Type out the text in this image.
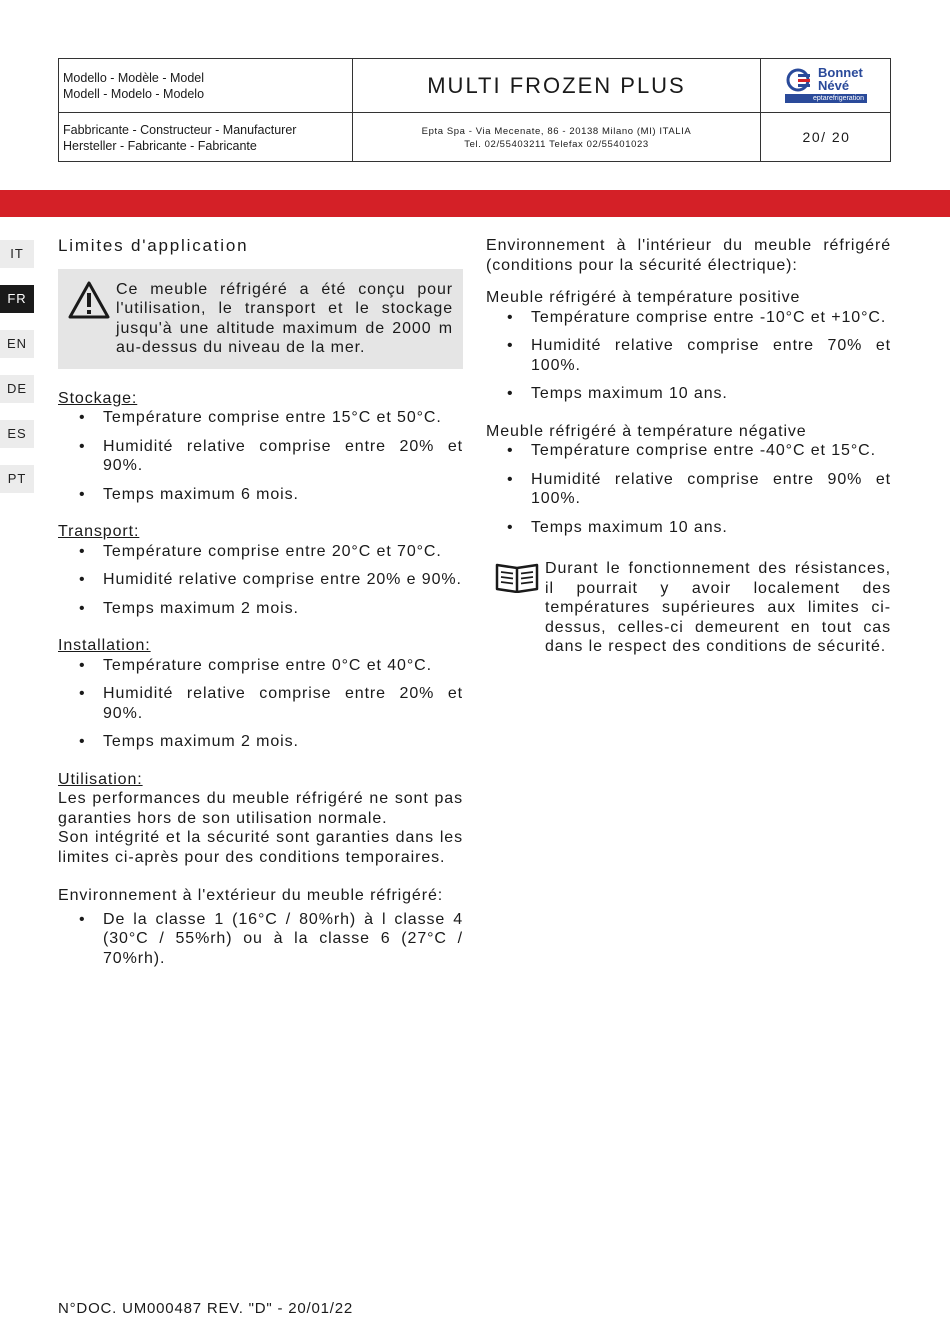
Modello - Modèle - Model
Modell - Modelo - Modelo	MULTI FROZEN PLUS
Bonnet
Névé
eptarefrigeration
Fabbricante - Constructeur - Manufacturer
Hersteller - Fabricante - Fabricante
Epta Spa - Via Mecenate, 86 - 20138 Milano (MI) ITALIA
Tel. 02/55403211 Telefax 02/55401023	20/ 20
IT
FR
EN
DE
ES
PT

Limites d'application

Ce meuble réfrigéré a été conçu pour l'utilisation, le transport et le stockage jusqu'à une altitude maximum de 2000 m au-dessus du niveau de la mer.

Stockage:

• Température comprise entre 15°C et 50°C.
• Humidité relative comprise entre 20% et 90%.
• Temps maximum 6 mois.

Transport:

• Température comprise entre 20°C et 70°C.
• Humidité relative comprise entre 20% e 90%.
• Temps maximum 2 mois.

Installation:

• Température comprise entre 0°C et 40°C.
• Humidité relative comprise entre 20% et 90%.
• Temps maximum 2 mois.

Utilisation:

Les performances du meuble réfrigéré ne sont pas garanties hors de son utilisation normale.

Son intégrité et la sécurité sont garanties dans les limites ci-après pour des conditions temporaires.

Environnement à l'extérieur du meuble réfrigéré:

• De la classe 1 (16°C / 80%rh) à l classe 4 (30°C / 55%rh) ou à la classe 6 (27°C / 70%rh).

Environnement à l'intérieur du meuble réfrigéré (conditions pour la sécurité électrique):

Meuble réfrigéré à température positive

• Température comprise entre -10°C et +10°C.
• Humidité relative comprise entre 70% et 100%.
• Temps maximum 10 ans.

Meuble réfrigéré à température négative

• Température comprise entre -40°C et 15°C.
• Humidité relative comprise entre 90% et 100%.
• Temps maximum 10 ans.
Durant le fonctionnement des résistances, il pourrait y avoir localement des températures supérieures aux limites ci-dessus, celles-ci demeurent en tout cas dans le respect des conditions de sécurité.
N°DOC. UM000487 REV. "D" - 20/01/22
